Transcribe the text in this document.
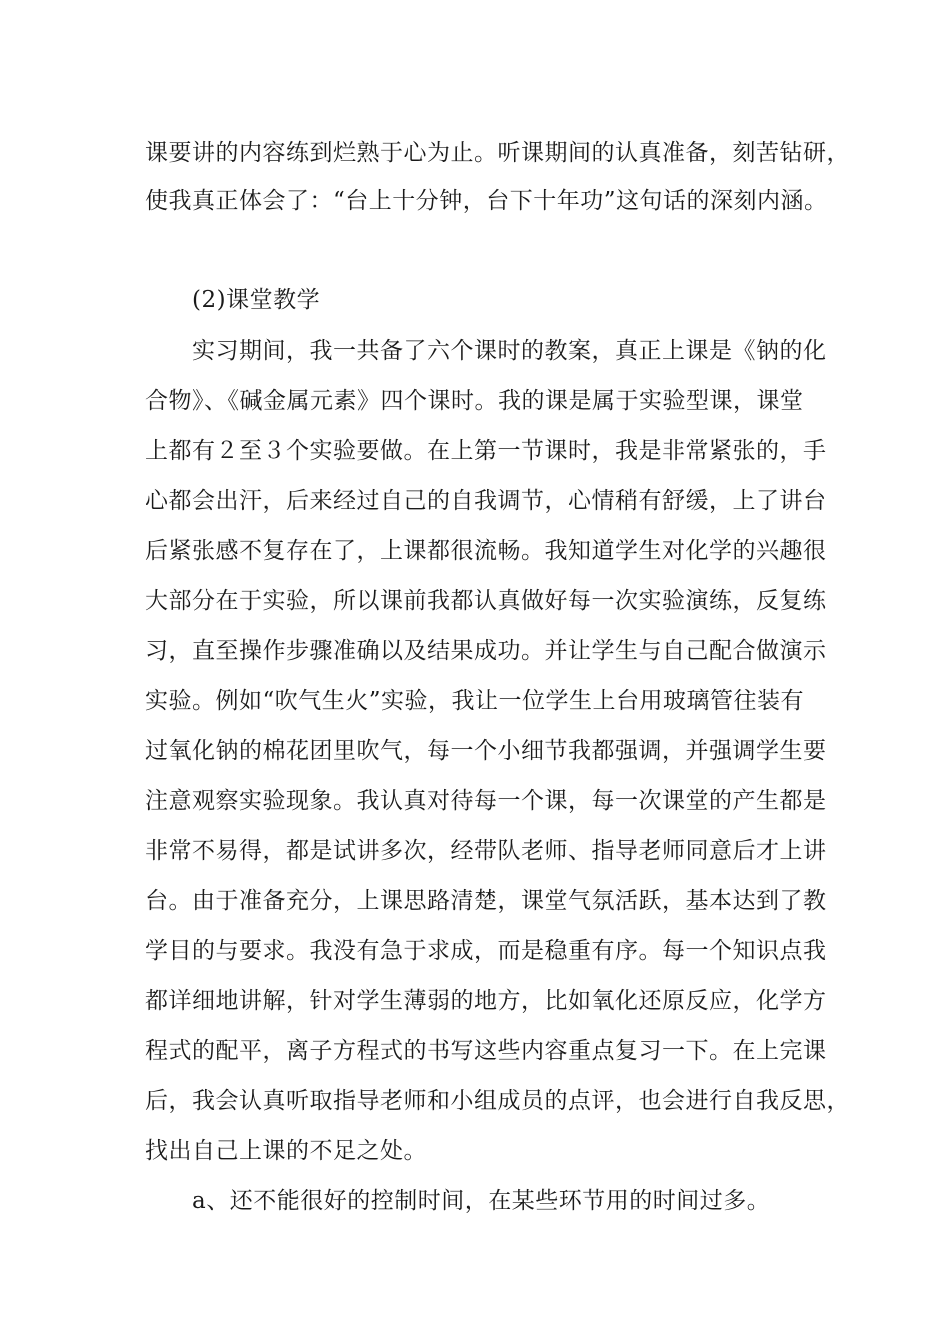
课要讲的内容练到烂熟于心为止。听课期间的认真准备，刻苦钻研，
使我真正体会了：“台上十分钟，台下十年功”这句话的深刻内涵。
(2)课堂教学
实习期间，我一共备了六个课时的教案，真正上课是《钠的化
合物》、《碱金属元素》四个课时。我的课是属于实验型课，课堂
上都有２至３个实验要做。在上第一节课时，我是非常紧张的，手
心都会出汗，后来经过自己的自我调节，心情稍有舒缓，上了讲台
后紧张感不复存在了，上课都很流畅。我知道学生对化学的兴趣很
大部分在于实验，所以课前我都认真做好每一次实验演练，反复练
习，直至操作步骤准确以及结果成功。并让学生与自己配合做演示
实验。例如“吹气生火”实验，我让一位学生上台用玻璃管往装有
过氧化钠的棉花团里吹气，每一个小细节我都强调，并强调学生要
注意观察实验现象。我认真对待每一个课，每一次课堂的产生都是
非常不易得，都是试讲多次，经带队老师、指导老师同意后才上讲
台。由于准备充分，上课思路清楚，课堂气氛活跃，基本达到了教
学目的与要求。我没有急于求成，而是稳重有序。每一个知识点我
都详细地讲解，针对学生薄弱的地方，比如氧化还原反应，化学方
程式的配平，离子方程式的书写这些内容重点复习一下。在上完课
后，我会认真听取指导老师和小组成员的点评，也会进行自我反思，
找出自己上课的不足之处。
a、还不能很好的控制时间，在某些环节用的时间过多。
